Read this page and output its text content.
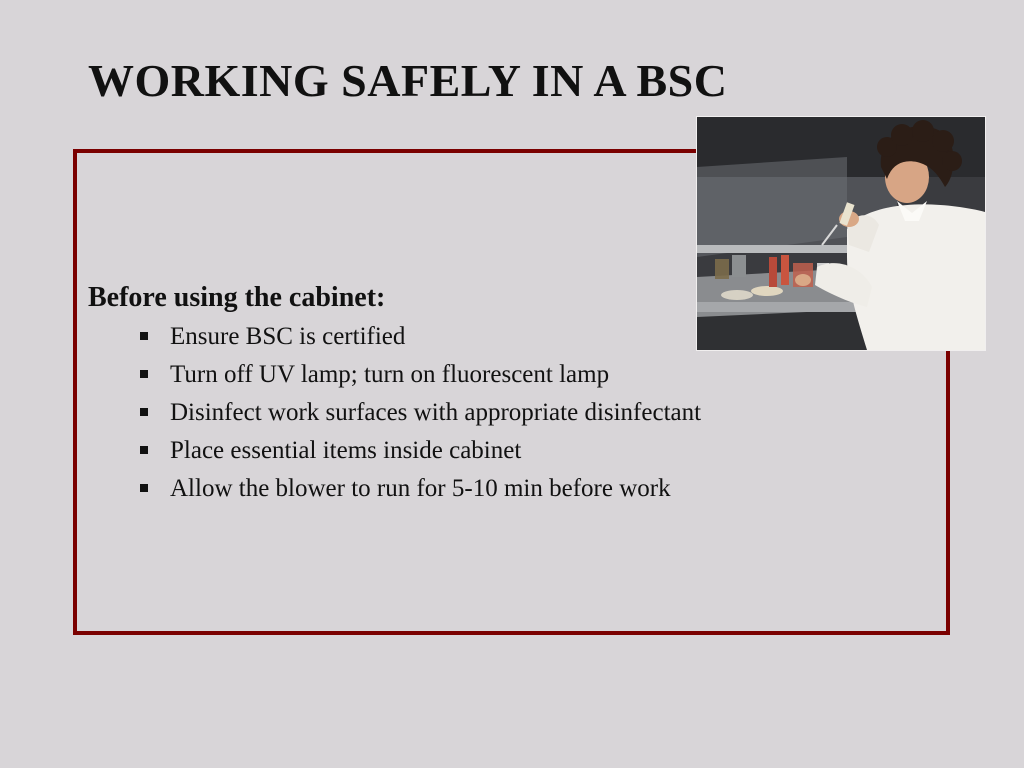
WORKING SAFELY IN A BSC
Before using the cabinet:
Ensure BSC is certified
Turn off UV lamp; turn on fluorescent lamp
Disinfect work surfaces with appropriate disinfectant
Place essential items inside cabinet
Allow the blower to run for 5-10 min before work
